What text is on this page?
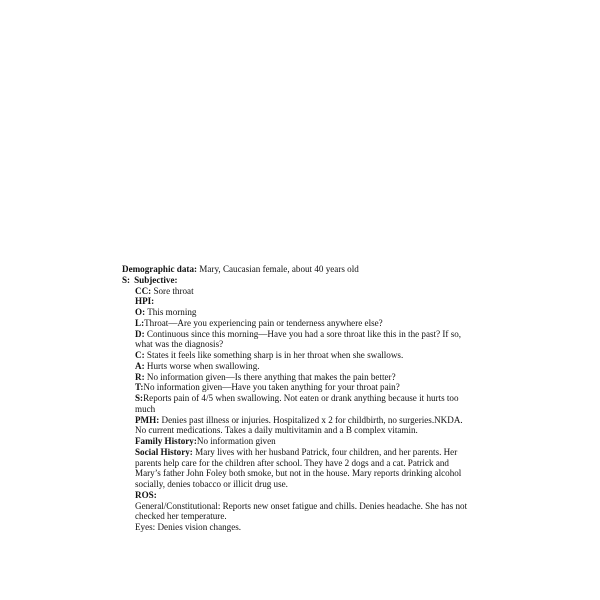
Demographic data: Mary, Caucasian female, about 40 years old
S: Subjective:
CC: Sore throat
HPI:
O: This morning
L:Throat—Are you experiencing pain or tenderness anywhere else?
D: Continuous since this morning—Have you had a sore throat like this in the past? If so,
what was the diagnosis?
C: States it feels like something sharp is in her throat when she swallows.
A: Hurts worse when swallowing.
R: No information given—Is there anything that makes the pain better?
T:No information given—Have you taken anything for your throat pain?
S:Reports pain of 4/5 when swallowing. Not eaten or drank anything because it hurts too
much
PMH: Denies past illness or injuries. Hospitalized x 2 for childbirth, no surgeries.NKDA.
No current medications. Takes a daily multivitamin and a B complex vitamin.
Family History:No information given
Social History: Mary lives with her husband Patrick, four children, and her parents. Her
parents help care for the children after school. They have 2 dogs and a cat. Patrick and
Mary’s father John Foley both smoke, but not in the house. Mary reports drinking alcohol
socially, denies tobacco or illicit drug use.
ROS:
General/Constitutional: Reports new onset fatigue and chills. Denies headache. She has not
checked her temperature.
Eyes: Denies vision changes.
